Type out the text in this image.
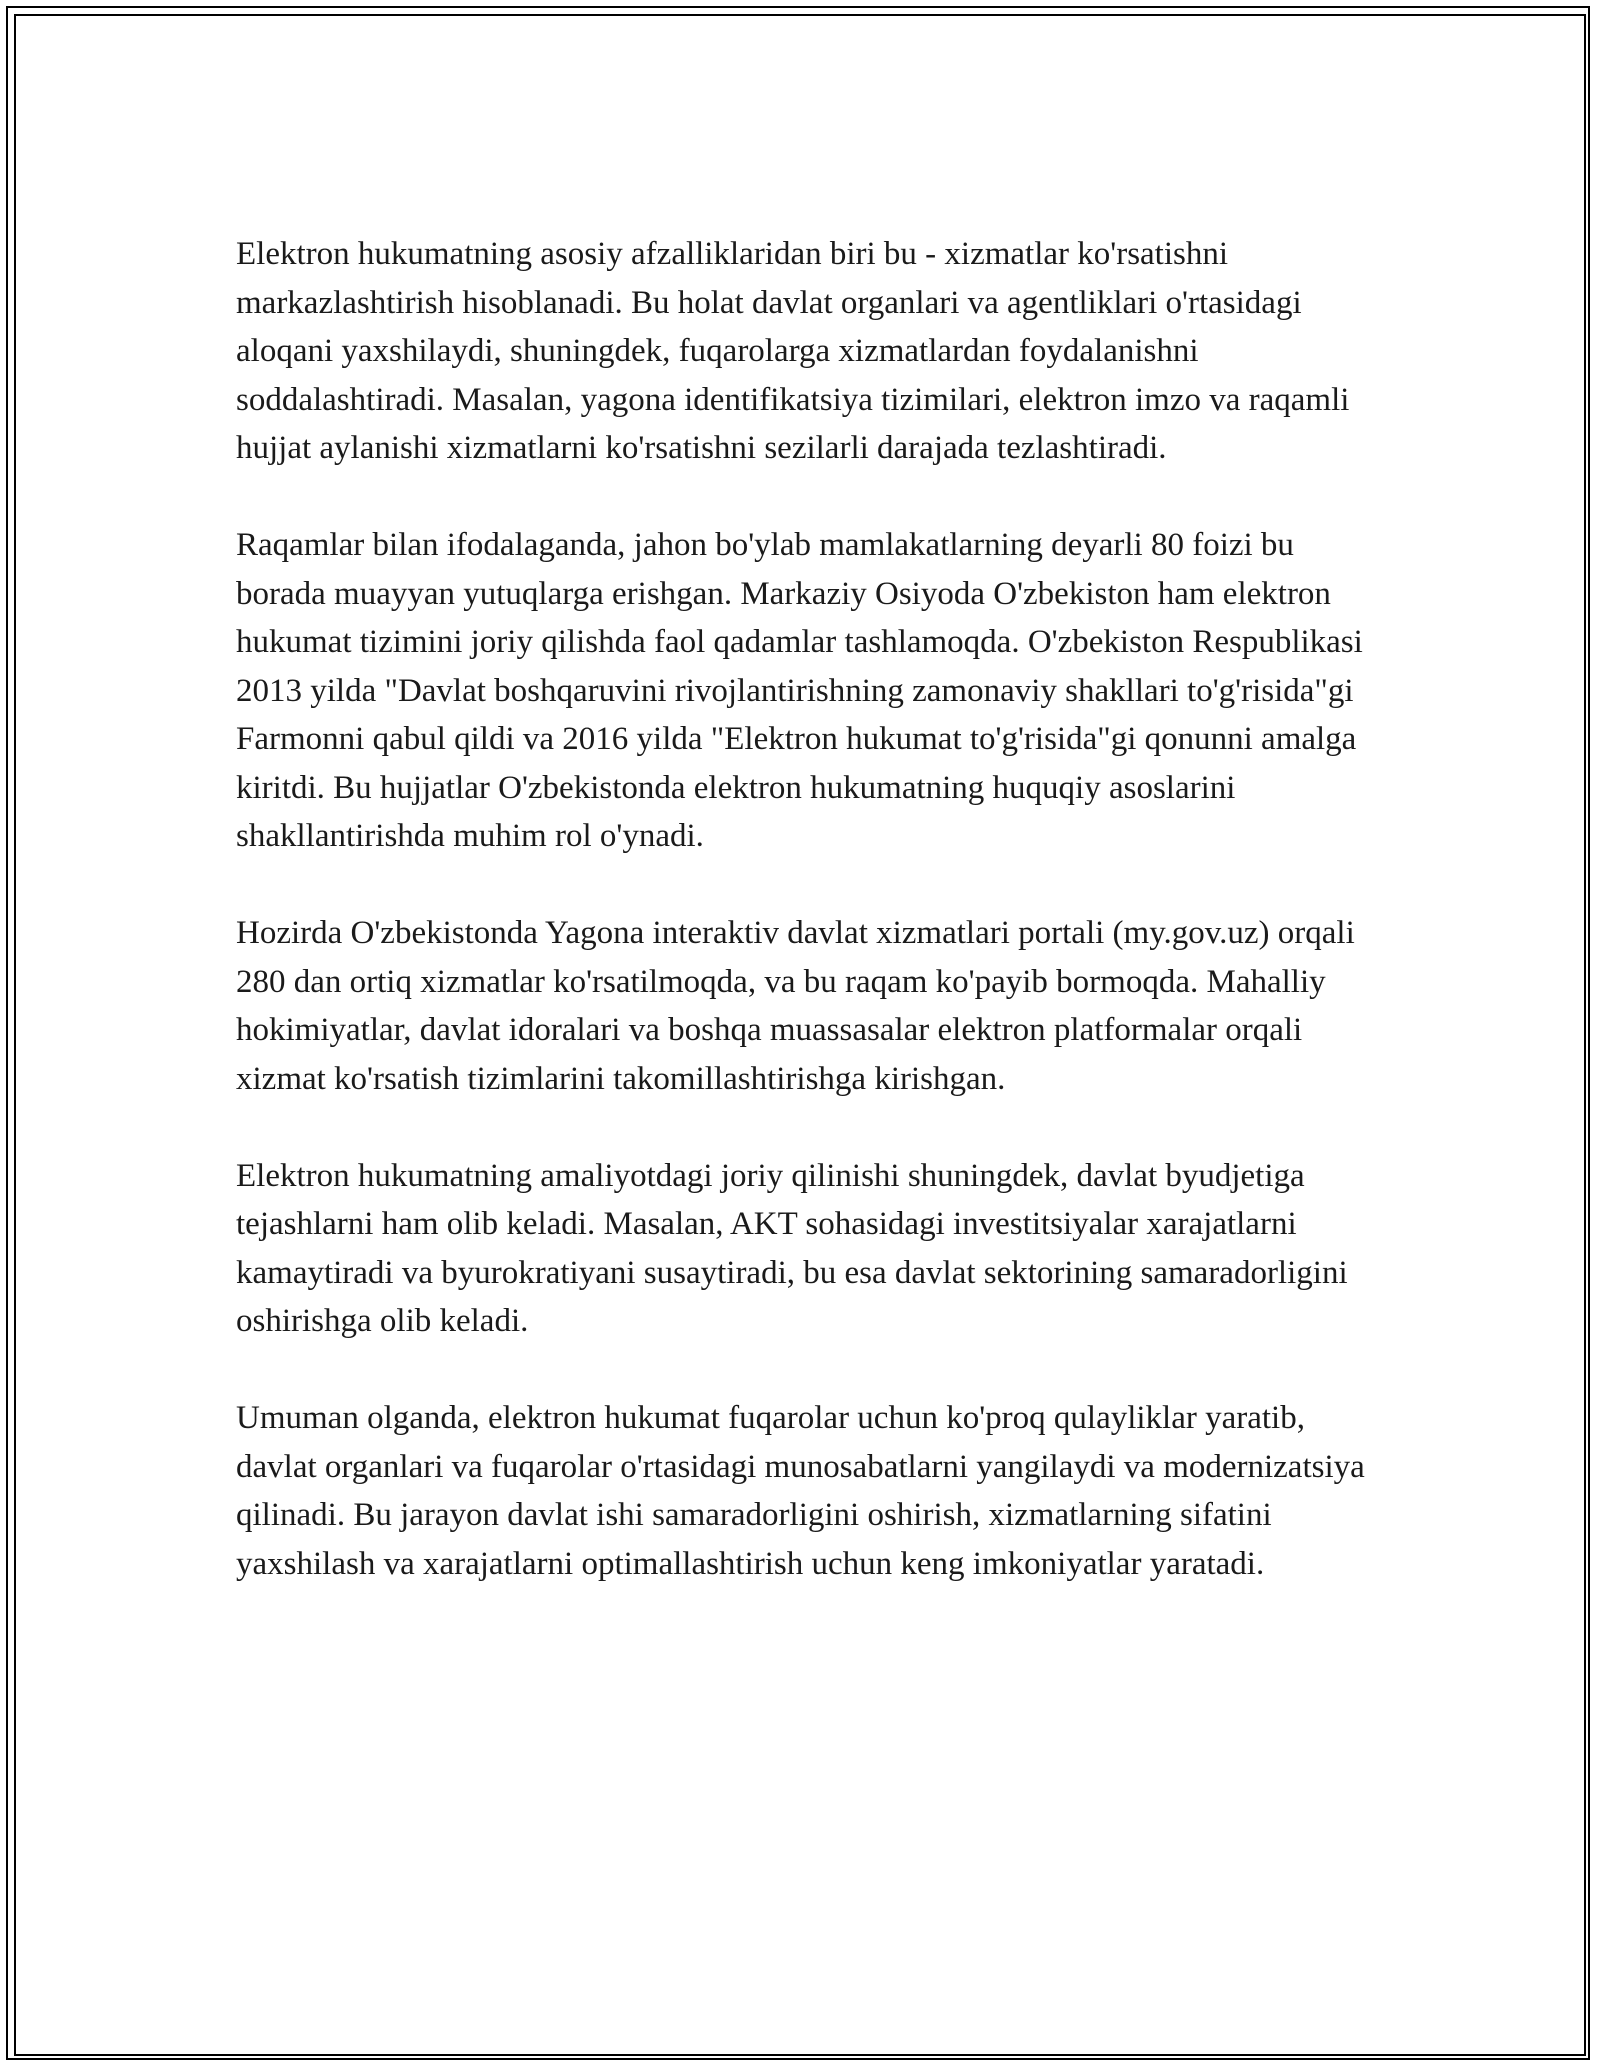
Elektron hukumatning asosiy afzalliklaridan biri bu - xizmatlar ko'rsatishni markazlashtirish hisoblanadi. Bu holat davlat organlari va agentliklari o'rtasidagi aloqani yaxshilaydi, shuningdek, fuqarolarga xizmatlardan foydalanishni soddalashtiradi. Masalan, yagona identifikatsiya tizimilari, elektron imzo va raqamli hujjat aylanishi xizmatlarni ko'rsatishni sezilarli darajada tezlashtiradi.

Raqamlar bilan ifodalaganda, jahon bo'ylab mamlakatlarning deyarli 80 foizi bu borada muayyan yutuqlarga erishgan. Markaziy Osiyoda O'zbekiston ham elektron hukumat tizimini joriy qilishda faol qadamlar tashlamoqda. O'zbekiston Respublikasi 2013 yilda "Davlat boshqaruvini rivojlantirishning zamonaviy shakllari to'g'risida"gi Farmonni qabul qildi va 2016 yilda "Elektron hukumat to'g'risida"gi qonunni amalga kiritdi. Bu hujjatlar O'zbekistonda elektron hukumatning huquqiy asoslarini shakllantirishda muhim rol o'ynadi.

Hozirda O'zbekistonda Yagona interaktiv davlat xizmatlari portali (my.gov.uz) orqali 280 dan ortiq xizmatlar ko'rsatilmoqda, va bu raqam ko'payib bormoqda. Mahalliy hokimiyatlar, davlat idoralari va boshqa muassasalar elektron platformalar orqali xizmat ko'rsatish tizimlarini takomillashtirishga kirishgan.

Elektron hukumatning amaliyotdagi joriy qilinishi shuningdek, davlat byudjetiga tejashlarni ham olib keladi. Masalan, AKT sohasidagi investitsiyalar xarajatlarni kamaytiradi va byurokratiyani susaytiradi, bu esa davlat sektorining samaradorligini oshirishga olib keladi.

Umuman olganda, elektron hukumat fuqarolar uchun ko'proq qulayliklar yaratib, davlat organlari va fuqarolar o'rtasidagi munosabatlarni yangilaydi va modernizatsiya qilinadi. Bu jarayon davlat ishi samaradorligini oshirish, xizmatlarning sifatini yaxshilash va xarajatlarni optimallashtirish uchun keng imkoniyatlar yaratadi.
